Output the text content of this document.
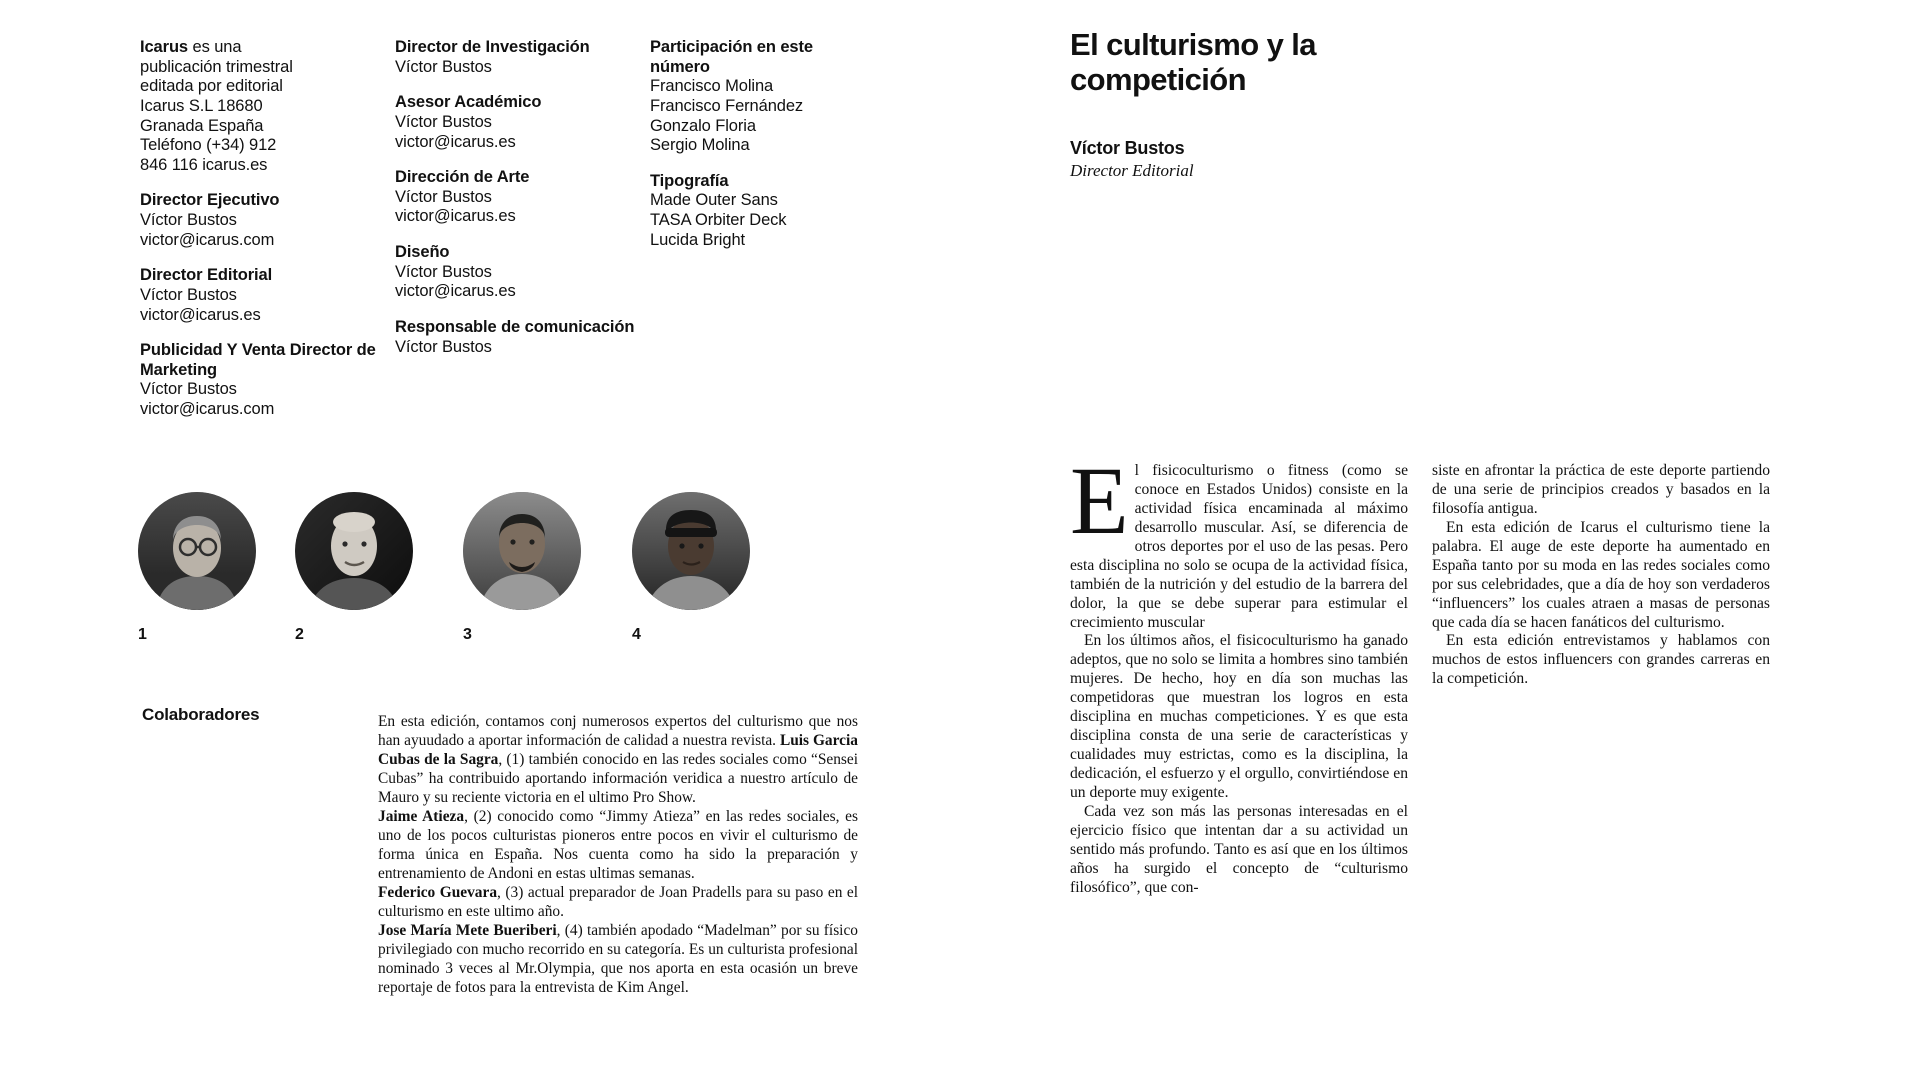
Icarus es una

publicación trimestral
editada por editorial
Icarus S.L 18680
Granada España
Teléfono (+34) 912
846 116 icarus.es
Director Ejecutivo
Víctor Bustos
victor@icarus.com
Director Editorial
Víctor Bustos
victor@icarus.es
Publicidad Y Venta Director de Marketing
Víctor Bustos
victor@icarus.com
Director de Investigación
Víctor Bustos
Asesor Académico
Víctor Bustos
victor@icarus.es
Dirección de Arte
Víctor Bustos
victor@icarus.es
Diseño
Víctor Bustos
victor@icarus.es
Responsable de comunicación
Víctor Bustos
Participación en este número
Francisco Molina
Francisco Fernández
Gonzalo Floria
Sergio Molina
Tipografía
Made Outer Sans
TASA Orbiter Deck
Lucida Bright
1	2	3	4
Colaboradores	En esta edición, contamos conj numerosos expertos del culturismo que nos han ayuudado a aportar información de calidad a nuestra revista. Luis Garcia Cubas de la Sagra, (1) también conocido en las redes sociales como “Sensei Cubas” ha contribuido aportando información veridica a nuestro artículo de Mauro y su reciente victoria en el ultimo Pro Show.
Jaime Atieza, (2) conocido como “Jimmy Atieza” en las redes sociales, es uno de los pocos culturistas pioneros entre pocos en vivir el culturismo de forma única en España. Nos cuenta como ha sido la preparación y entrenamiento de Andoni en estas ultimas semanas.
Federico Guevara, (3) actual preparador de Joan Pradells para su paso en el culturismo en este ultimo año.
Jose María Mete Bueriberi, (4) también apodado “Madelman” por su físico privilegiado con mucho recorrido en su categoría. Es un culturista profesional nominado 3 veces al Mr.Olympia, que nos aporta en esta ocasión un breve reportaje de fotos para la entrevista de Kim Angel.
El culturismo y la competición
Víctor Bustos
Director Editorial

El fisicoculturismo o fitness (como se conoce en Estados Unidos) consiste en la actividad física encaminada al máximo desarrollo muscular. Así, se diferencia de otros deportes por el uso de las pesas. Pero esta disciplina no solo se ocupa de la actividad física, también de la nutrición y del estudio de la barrera del dolor, la que se debe superar para estimular el crecimiento muscular

En los últimos años, el fisicoculturismo ha ganado adeptos, que no solo se limita a hombres sino también mujeres. De hecho, hoy en día son muchas las competidoras que muestran los logros en esta disciplina en muchas competiciones. Y es que esta disciplina consta de una serie de características y cualidades muy estrictas, como es la disciplina, la dedicación, el esfuerzo y el orgullo, convirtiéndose en un deporte muy exigente.

Cada vez son más las personas interesadas en el ejercicio físico que intentan dar a su actividad un sentido más profundo. Tanto es así que en los últimos años ha surgido el concepto de “culturismo filosófico”, que con-

siste en afrontar la práctica de este deporte partiendo de una serie de principios creados y basados en la filosofía antigua.

En esta edición de Icarus el culturismo tiene la palabra. El auge de este deporte ha aumentado en España tanto por su moda en las redes sociales como por sus celebridades, que a día de hoy son verdaderos “influencers” los cuales atraen a masas de personas que cada día se hacen fanáticos del culturismo.

En esta edición entrevistamos y hablamos con muchos de estos influencers con grandes carreras en la competición.
